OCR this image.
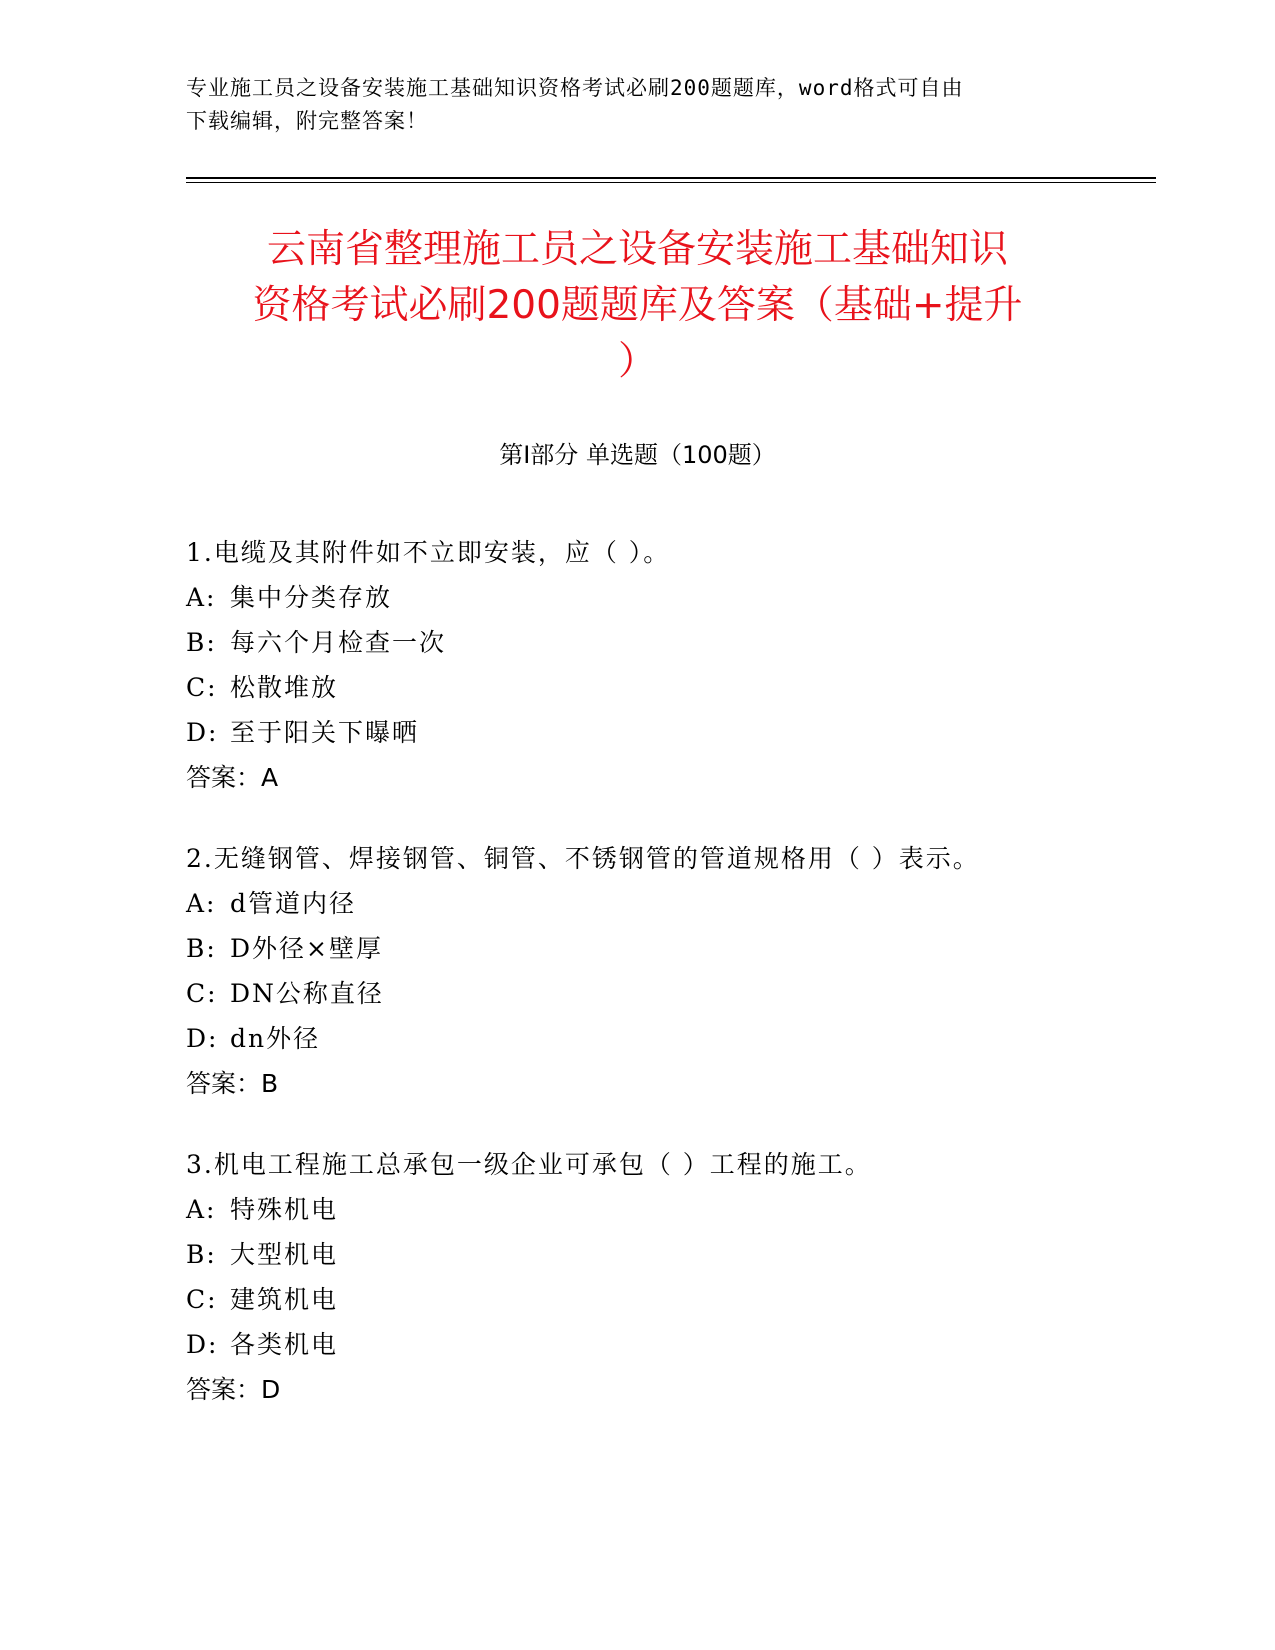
专业施工员之设备安装施工基础知识资格考试必刷200题题库，word格式可自由
下载编辑，附完整答案！
云南省整理施工员之设备安装施工基础知识
资格考试必刷200题题库及答案（基础+提升
）
第Ⅰ部分 单选题（100题）

1.电缆及其附件如不立即安装，应（ ）。

A: 集中分类存放

B: 每六个月检查一次

C: 松散堆放

D: 至于阳关下曝晒

答案：A

2.无缝钢管、焊接钢管、铜管、不锈钢管的管道规格用（ ）表示。

A: d管道内径

B: D外径×壁厚

C: DN公称直径

D: dn外径

答案：B

3.机电工程施工总承包一级企业可承包（ ）工程的施工。

A: 特殊机电

B: 大型机电

C: 建筑机电

D: 各类机电

答案：D
